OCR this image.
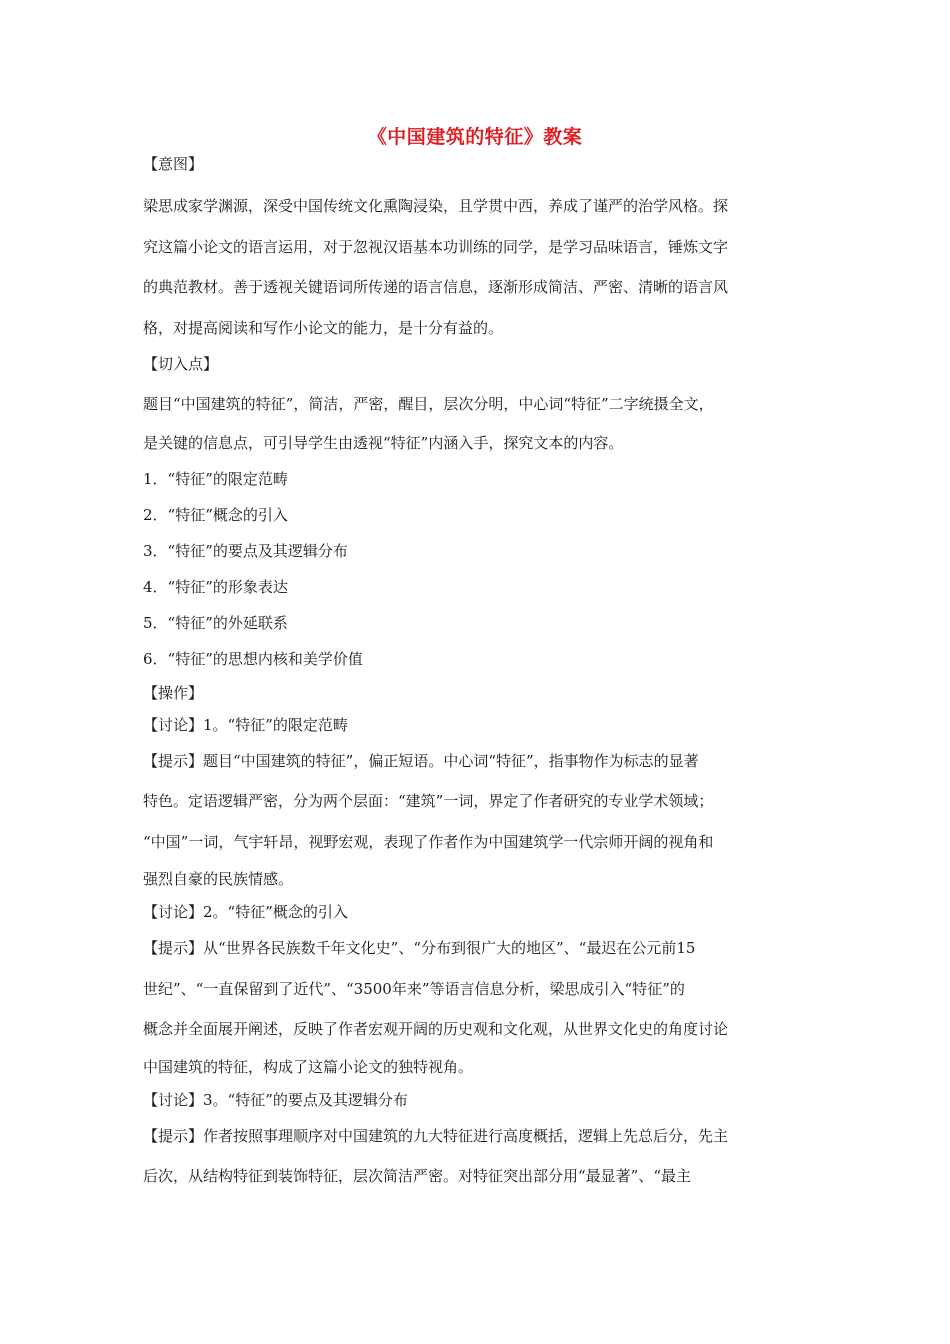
《中国建筑的特征》教案
【意图】
梁思成家学渊源，深受中国传统文化熏陶浸染，且学贯中西，养成了谨严的治学风格。探
究这篇小论文的语言运用，对于忽视汉语基本功训练的同学，是学习品味语言，锤炼文字
的典范教材。善于透视关键语词所传递的语言信息，逐渐形成简洁、严密、清晰的语言风
格，对提高阅读和写作小论文的能力，是十分有益的。
【切入点】
题目“中国建筑的特征”，简洁，严密，醒目，层次分明，中心词“特征”二字统摄全文，
是关键的信息点，可引导学生由透视“特征”内涵入手，探究文本的内容。
1．“特征”的限定范畴
2．“特征”概念的引入
3．“特征”的要点及其逻辑分布
4．“特征”的形象表达
5．“特征”的外延联系
6．“特征”的思想内核和美学价值
【操作】
【讨论】1。“特征”的限定范畴
【提示】题目“中国建筑的特征”，偏正短语。中心词“特征”，指事物作为标志的显著
特色。定语逻辑严密，分为两个层面：“建筑”一词，界定了作者研究的专业学术领域；
“中国”一词，气宇轩昂，视野宏观，表现了作者作为中国建筑学一代宗师开阔的视角和
强烈自豪的民族情感。
【讨论】2。“特征”概念的引入
【提示】从“世界各民族数千年文化史”、“分布到很广大的地区”、“最迟在公元前15
世纪”、“一直保留到了近代”、“3500年来”等语言信息分析，梁思成引入“特征”的
概念并全面展开阐述，反映了作者宏观开阔的历史观和文化观，从世界文化史的角度讨论
中国建筑的特征，构成了这篇小论文的独特视角。
【讨论】3。“特征”的要点及其逻辑分布
【提示】作者按照事理顺序对中国建筑的九大特征进行高度概括，逻辑上先总后分，先主
后次，从结构特征到装饰特征，层次简洁严密。对特征突出部分用“最显著”、“最主
